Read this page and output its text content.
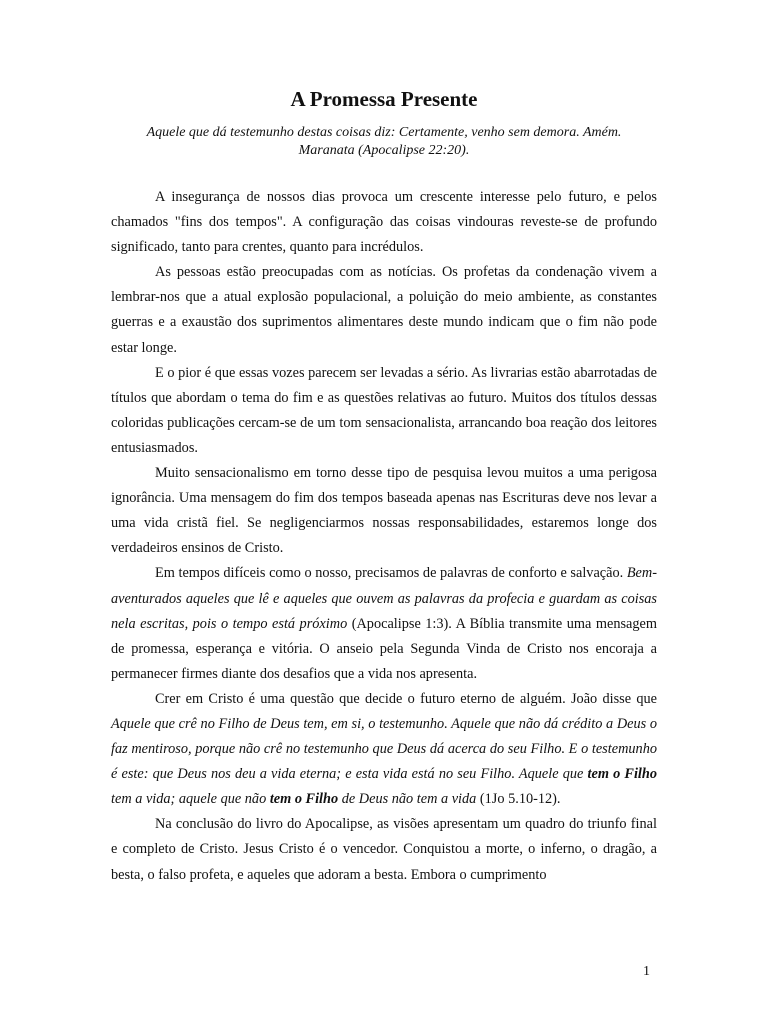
A Promessa Presente
Aquele que dá testemunho destas coisas diz: Certamente, venho sem demora. Amém. Maranata (Apocalipse 22:20).

A insegurança de nossos dias provoca um crescente interesse pelo futuro, e pelos chamados "fins dos tempos". A configuração das coisas vindouras reveste-se de profundo significado, tanto para crentes, quanto para incrédulos.

As pessoas estão preocupadas com as notícias. Os profetas da condenação vivem a lembrar-nos que a atual explosão populacional, a poluição do meio ambiente, as constantes guerras e a exaustão dos suprimentos alimentares deste mundo indicam que o fim não pode estar longe.

E o pior é que essas vozes parecem ser levadas a sério. As livrarias estão abarrotadas de títulos que abordam o tema do fim e as questões relativas ao futuro. Muitos dos títulos dessas coloridas publicações cercam-se de um tom sensacionalista, arrancando boa reação dos leitores entusiasmados.

Muito sensacionalismo em torno desse tipo de pesquisa levou muitos a uma perigosa ignorância. Uma mensagem do fim dos tempos baseada apenas nas Escrituras deve nos levar a uma vida cristã fiel. Se negligenciarmos nossas responsabilidades, estaremos longe dos verdadeiros ensinos de Cristo.

Em tempos difíceis como o nosso, precisamos de palavras de conforto e salvação. Bem-aventurados aqueles que lê e aqueles que ouvem as palavras da profecia e guardam as coisas nela escritas, pois o tempo está próximo (Apocalipse 1:3). A Bíblia transmite uma mensagem de promessa, esperança e vitória. O anseio pela Segunda Vinda de Cristo nos encoraja a permanecer firmes diante dos desafios que a vida nos apresenta.

Crer em Cristo é uma questão que decide o futuro eterno de alguém. João disse que Aquele que crê no Filho de Deus tem, em si, o testemunho. Aquele que não dá crédito a Deus o faz mentiroso, porque não crê no testemunho que Deus dá acerca do seu Filho. E o testemunho é este: que Deus nos deu a vida eterna; e esta vida está no seu Filho. Aquele que tem o Filho tem a vida; aquele que não tem o Filho de Deus não tem a vida (1Jo 5.10-12).

Na conclusão do livro do Apocalipse, as visões apresentam um quadro do triunfo final e completo de Cristo. Jesus Cristo é o vencedor. Conquistou a morte, o inferno, o dragão, a besta, o falso profeta, e aqueles que adoram a besta. Embora o cumprimento

1
